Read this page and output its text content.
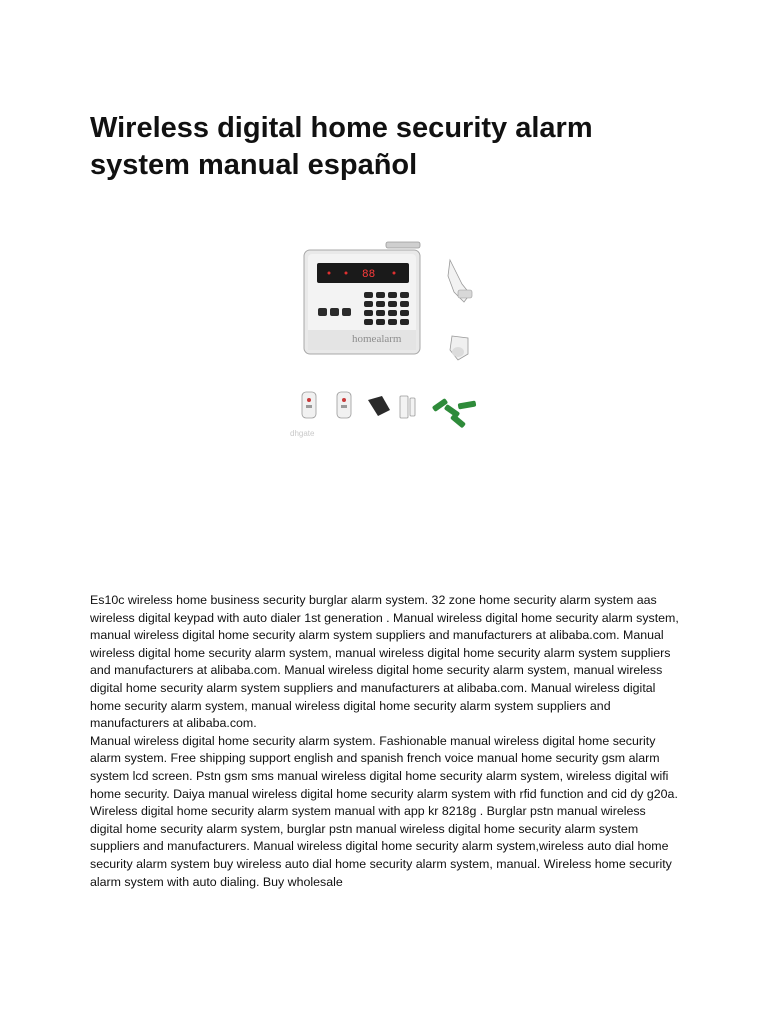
Wireless digital home security alarm system manual español
88
homealarm
dhgate

Es10c wireless home business security burglar alarm system. 32 zone home security alarm system aas wireless digital keypad with auto dialer 1st generation . Manual wireless digital home security alarm system, manual wireless digital home security alarm system suppliers and manufacturers at alibaba.com. Manual wireless digital home security alarm system, manual wireless digital home security alarm system suppliers and manufacturers at alibaba.com. Manual wireless digital home security alarm system, manual wireless digital home security alarm system suppliers and manufacturers at alibaba.com. Manual wireless digital home security alarm system, manual wireless digital home security alarm system suppliers and manufacturers at alibaba.com.

Manual wireless digital home security alarm system. Fashionable manual wireless digital home security alarm system. Free shipping support english and spanish french voice manual home security gsm alarm system lcd screen. Pstn gsm sms manual wireless digital home security alarm system, wireless digital wifi home security. Daiya manual wireless digital home security alarm system with rfid function and cid dy g20a.

Wireless digital home security alarm system manual with app kr 8218g . Burglar pstn manual wireless digital home security alarm system, burglar pstn manual wireless digital home security alarm system suppliers and manufacturers. Manual wireless digital home security alarm system,wireless auto dial home security alarm system buy wireless auto dial home security alarm system, manual. Wireless home security alarm system with auto dialing. Buy wholesale
